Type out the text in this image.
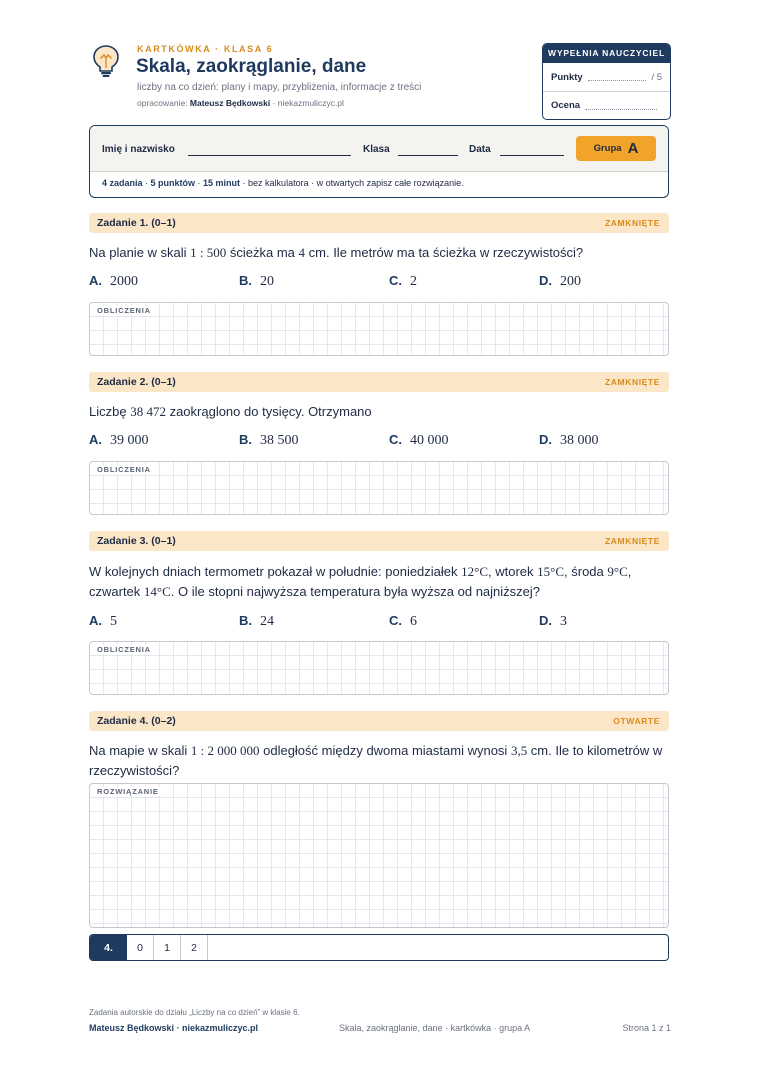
KARTKÓWKA · KLASA 6
Skala, zaokrąglanie, dane
liczby na co dzień: plany i mapy, przybliżenia, informacje z treści
opracowanie: Mateusz Będkowski · niekazmuliczyc.pl
WYPEŁNIA NAUCZYCIEL
Punkty	/ 5
Ocena
Imię i nazwisko	Klasa	Data	Grupa A
4 zadania · 5 punktów · 15 minut · bez kalkulatora · w otwartych zapisz całe rozwiązanie.
Zadanie 1. (0–1)	ZAMKNIĘTE
Na planie w skali 1 : 500 ścieżka ma 4 cm. Ile metrów ma ta ścieżka w rzeczywistości?
A. 2000	B. 20	C. 2	D. 200
OBLICZENIA
Zadanie 2. (0–1)	ZAMKNIĘTE
Liczbę 38 472 zaokrąglono do tysięcy. Otrzymano
A. 39 000	B. 38 500	C. 40 000	D. 38 000
OBLICZENIA
Zadanie 3. (0–1)	ZAMKNIĘTE
W kolejnych dniach termometr pokazał w południe: poniedziałek 12°C, wtorek 15°C, środa 9°C, czwartek 14°C. O ile stopni najwyższa temperatura była wyższa od najniższej?
A. 5	B. 24	C. 6	D. 3
OBLICZENIA
Zadanie 4. (0–2)	OTWARTE
Na mapie w skali 1 : 2 000 000 odległość między dwoma miastami wynosi 3,5 cm. Ile to kilometrów w rzeczywistości?
ROZWIĄZANIE
4.	0	1	2
Zadania autorskie do działu „Liczby na co dzień” w klasie 6.
Mateusz Będkowski · niekazmuliczyc.pl	Skala, zaokrąglanie, dane · kartkówka · grupa A	Strona 1 z 1
